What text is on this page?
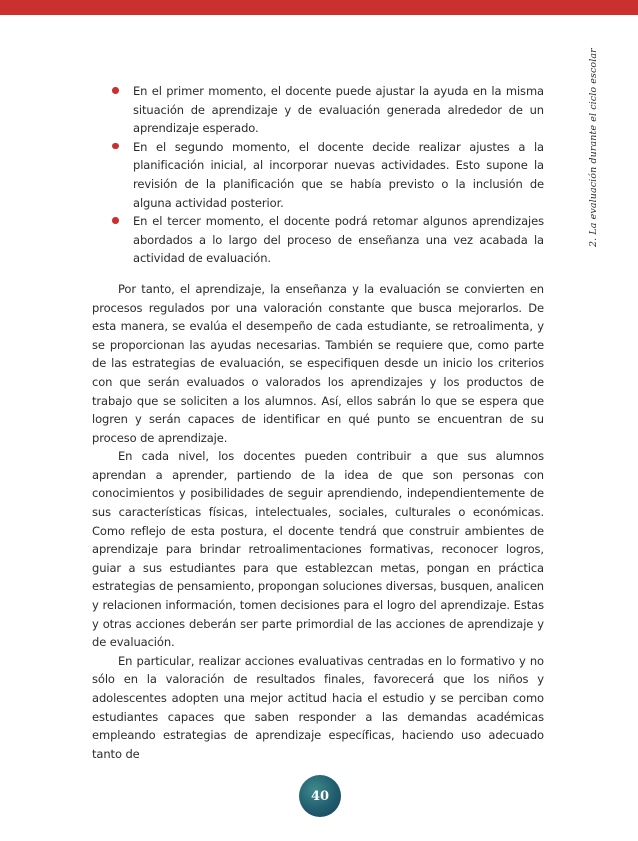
2. La evaluación durante el ciclo escolar

En el primer momento, el docente puede ajustar la ayuda en la misma situación de aprendizaje y de evaluación generada alrededor de un aprendizaje esperado.

En el segundo momento, el docente decide realizar ajustes a la planificación inicial, al incorporar nuevas actividades. Esto supone la revisión de la planificación que se había previsto o la inclusión de alguna actividad posterior.

En el tercer momento, el docente podrá retomar algunos aprendizajes abordados a lo largo del proceso de enseñanza una vez acabada la actividad de evaluación.

Por tanto, el aprendizaje, la enseñanza y la evaluación se convierten en procesos regulados por una valoración constante que busca mejorarlos. De esta manera, se evalúa el desempeño de cada estudiante, se retroalimenta, y se proporcionan las ayudas necesarias. También se requiere que, como parte de las estrategias de evaluación, se especifiquen desde un inicio los criterios con que serán evaluados o valorados los aprendizajes y los productos de trabajo que se soliciten a los alumnos. Así, ellos sabrán lo que se espera que logren y serán capaces de identificar en qué punto se encuentran de su proceso de aprendizaje.

En cada nivel, los docentes pueden contribuir a que sus alumnos aprendan a aprender, partiendo de la idea de que son personas con conocimientos y posibilidades de seguir aprendiendo, independientemente de sus características físicas, intelectuales, sociales, culturales o económicas. Como reflejo de esta postura, el docente tendrá que construir ambientes de aprendizaje para brindar retroalimentaciones formativas, reconocer logros, guiar a sus estudiantes para que establezcan metas, pongan en práctica estrategias de pensamiento, propongan soluciones diversas, busquen, analicen y relacionen información, tomen decisiones para el logro del aprendizaje. Estas y otras acciones deberán ser parte primordial de las acciones de aprendizaje y de evaluación.

En particular, realizar acciones evaluativas centradas en lo formativo y no sólo en la valoración de resultados finales, favorecerá que los niños y adolescentes adopten una mejor actitud hacia el estudio y se perciban como estudiantes capaces que saben responder a las demandas académicas empleando estrategias de aprendizaje específicas, haciendo uso adecuado tanto de

40
